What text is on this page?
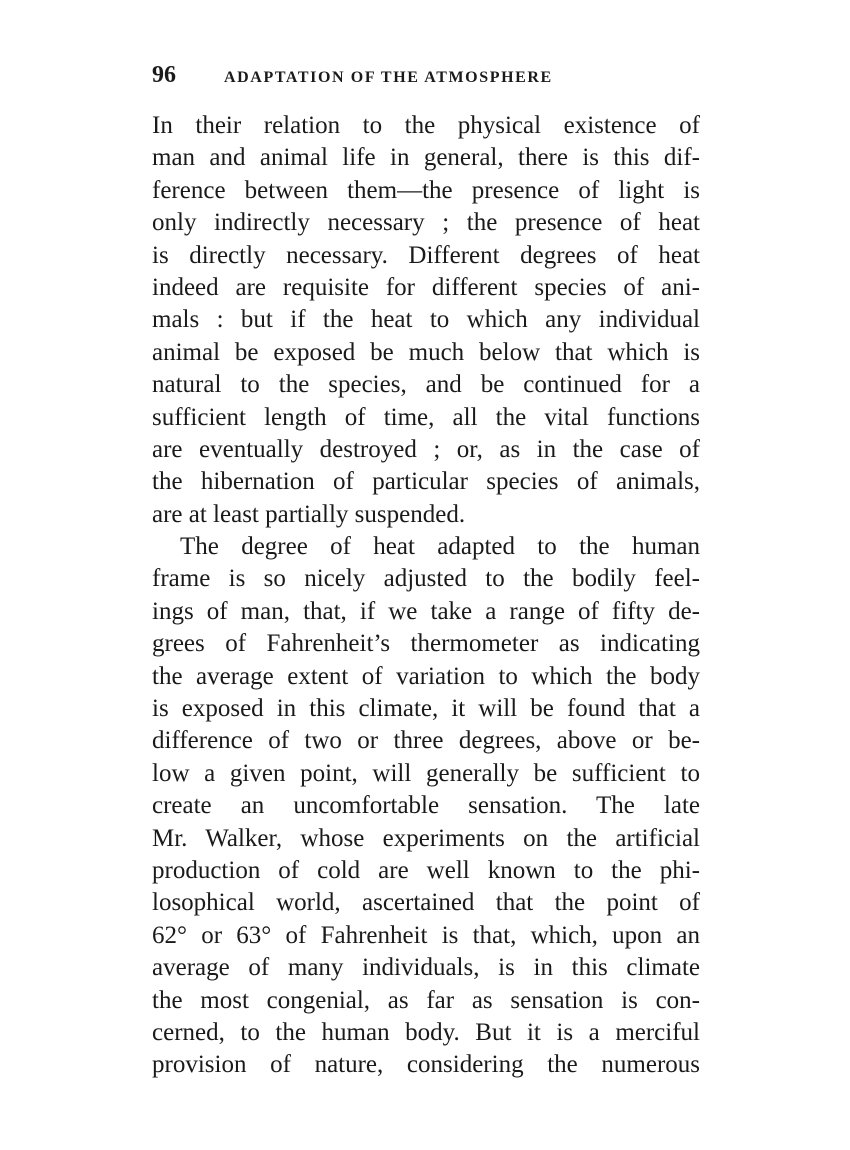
96	ADAPTATION OF THE ATMOSPHERE
In their relation to the physical existence of
man and animal life in general, there is this dif-
ference between them—the presence of light is
only indirectly necessary ; the presence of heat
is directly necessary. Different degrees of heat
indeed are requisite for different species of ani-
mals : but if the heat to which any individual
animal be exposed be much below that which is
natural to the species, and be continued for a
sufficient length of time, all the vital functions
are eventually destroyed ; or, as in the case of
the hibernation of particular species of animals,
are at least partially suspended.
The degree of heat adapted to the human
frame is so nicely adjusted to the bodily feel-
ings of man, that, if we take a range of fifty de-
grees of Fahrenheit’s thermometer as indicating
the average extent of variation to which the body
is exposed in this climate, it will be found that a
difference of two or three degrees, above or be-
low a given point, will generally be sufficient to
create an uncomfortable sensation. The late
Mr. Walker, whose experiments on the artificial
production of cold are well known to the phi-
losophical world, ascertained that the point of
62° or 63° of Fahrenheit is that, which, upon an
average of many individuals, is in this climate
the most congenial, as far as sensation is con-
cerned, to the human body. But it is a merciful
provision of nature, considering the numerous
